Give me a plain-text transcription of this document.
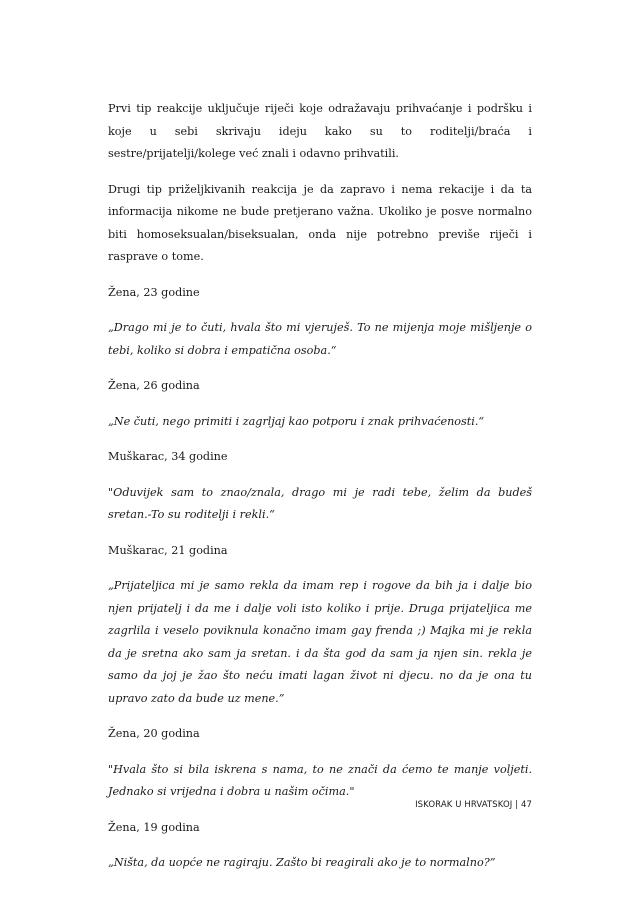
Prvi tip reakcije uključuje riječi koje odražavaju prihvaćanje i podršku i koje u sebi skrivaju ideju kako su to roditelji/braća i sestre/prijatelji/kolege već znali i odavno prihvatili.

Drugi tip priželjkivanih reakcija je da zapravo i nema rekacije i da ta informacija nikome ne bude pretjerano važna. Ukoliko je posve normalno biti homoseksualan/biseksualan, onda nije potrebno previše riječi i rasprave o tome.

Žena, 23 godine

„Drago mi je to čuti, hvala što mi vjeruješ. To ne mijenja moje mišljenje o tebi, koliko si dobra i empatična osoba.“

Žena, 26 godina

„Ne čuti, nego primiti i zagrljaj kao potporu i znak prihvaćenosti.“

Muškarac, 34 godine

"Oduvijek sam to znao/znala, drago mi je radi tebe, želim da budeš sretan.-To su roditelji i rekli.“

Muškarac, 21 godina

„Prijateljica mi je samo rekla da imam rep i rogove da bih ja i dalje bio njen prijatelj i da me i dalje voli isto koliko i prije. Druga prijateljica me zagrlila i veselo poviknula konačno imam gay frenda ;) Majka mi je rekla da je sretna ako sam ja sretan. i da šta god da sam ja njen sin. rekla je samo da joj je žao što neću imati lagan život ni djecu. no da je ona tu upravo zato da bude uz mene.”

Žena, 20 godina

"Hvala što si bila iskrena s nama, to ne znači da ćemo te manje voljeti. Jednako si vrijedna i dobra u našim očima."

Žena, 19 godina

„Ništa, da uopće ne ragiraju. Zašto bi reagirali ako je to normalno?”

ISKORAK U HRVATSKOJ | 47
